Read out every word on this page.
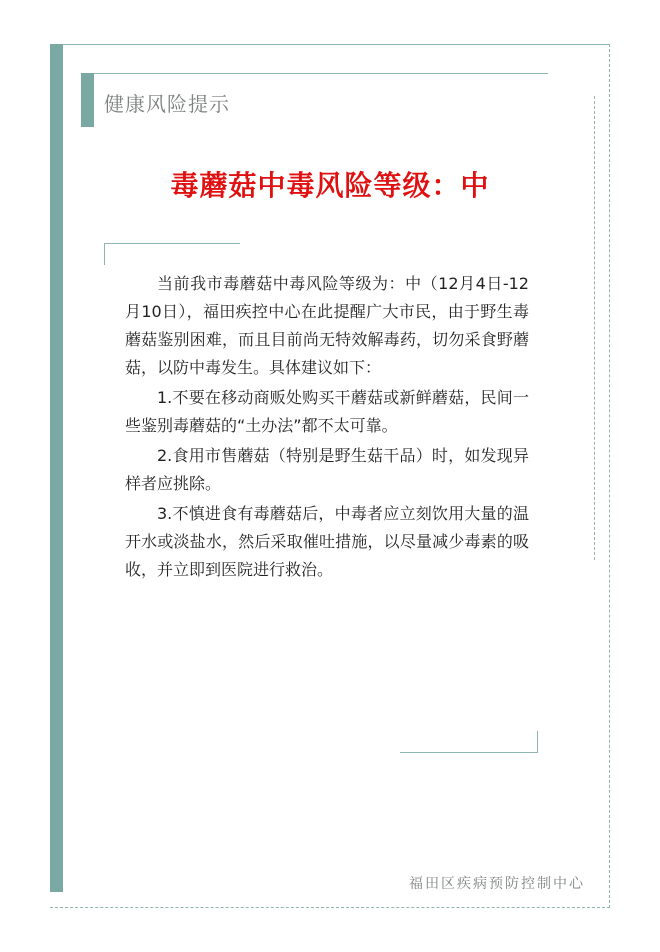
健康风险提示
毒蘑菇中毒风险等级：中

当前我市毒蘑菇中毒风险等级为：中（12月4日-12月10日），福田疾控中心在此提醒广大市民，由于野生毒蘑菇鉴别困难，而且目前尚无特效解毒药，切勿采食野蘑菇，以防中毒发生。具体建议如下：

1.不要在移动商贩处购买干蘑菇或新鲜蘑菇，民间一些鉴别毒蘑菇的“土办法”都不太可靠。

2.食用市售蘑菇（特别是野生菇干品）时，如发现异样者应挑除。

3.不慎进食有毒蘑菇后，中毒者应立刻饮用大量的温开水或淡盐水，然后采取催吐措施，以尽量减少毒素的吸收，并立即到医院进行救治。

福田区疾病预防控制中心
